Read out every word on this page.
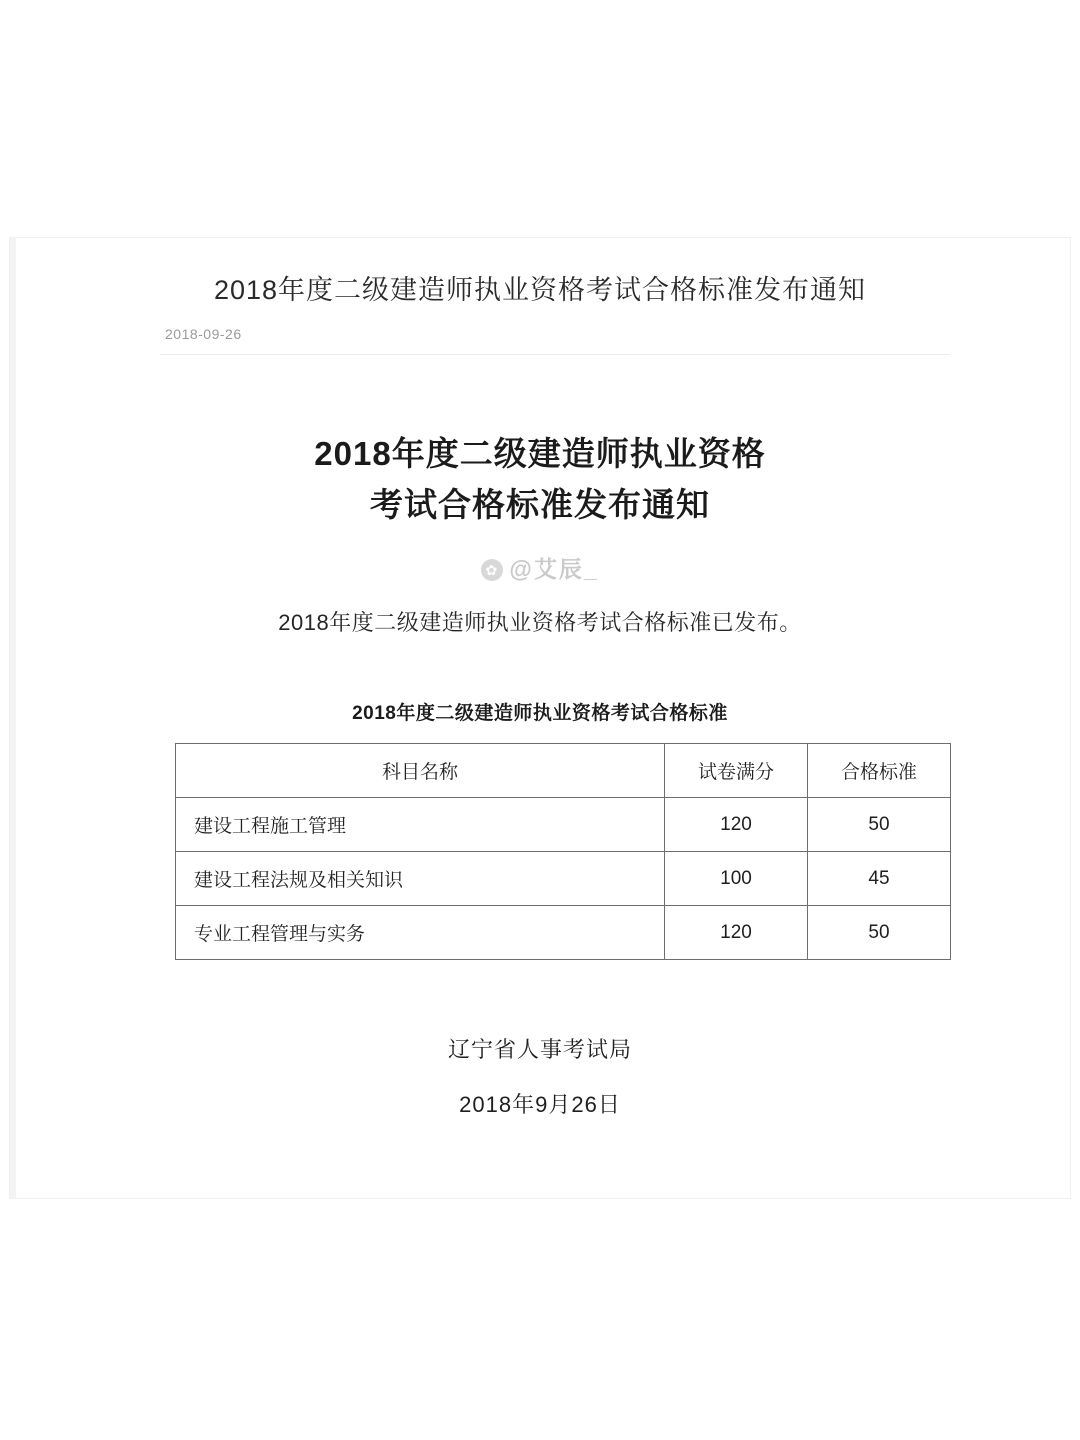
2018年度二级建造师执业资格考试合格标准发布通知
2018-09-26
2018年度二级建造师执业资格
考试合格标准发布通知
✿ @艾辰_
2018年度二级建造师执业资格考试合格标准已发布。
2018年度二级建造师执业资格考试合格标准
科目名称	试卷满分	合格标准
建设工程施工管理	120	50
建设工程法规及相关知识	100	45
专业工程管理与实务	120	50
辽宁省人事考试局
2018年9月26日
